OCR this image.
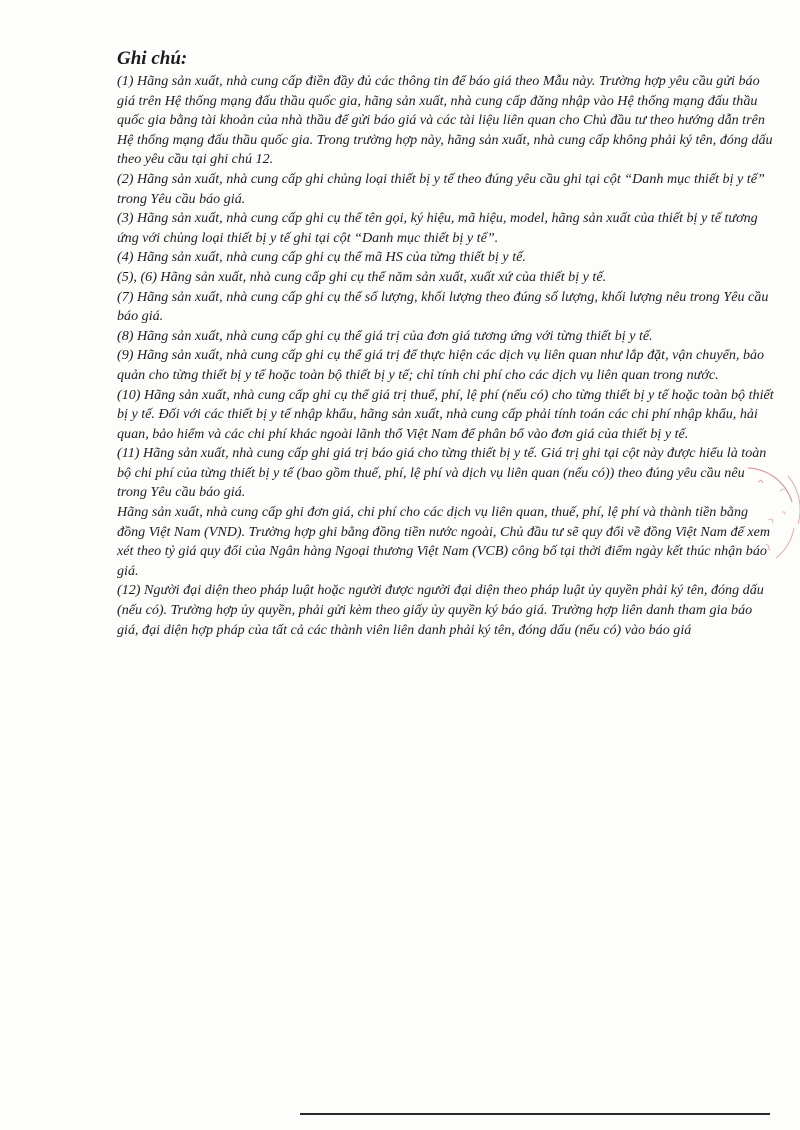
Ghi chú:

(1) Hãng sản xuất, nhà cung cấp điền đầy đủ các thông tin để báo giá theo Mẫu này. Trường hợp yêu cầu gửi báo giá trên Hệ thống mạng đấu thầu quốc gia, hãng sản xuất, nhà cung cấp đăng nhập vào Hệ thống mạng đấu thầu quốc gia bằng tài khoản của nhà thầu để gửi báo giá và các tài liệu liên quan cho Chủ đầu tư theo hướng dẫn trên Hệ thống mạng đấu thầu quốc gia. Trong trường hợp này, hãng sản xuất, nhà cung cấp không phải ký tên, đóng dấu theo yêu cầu tại ghi chú 12.

(2) Hãng sản xuất, nhà cung cấp ghi chủng loại thiết bị y tế theo đúng yêu cầu ghi tại cột “Danh mục thiết bị y tế” trong Yêu cầu báo giá.

(3) Hãng sản xuất, nhà cung cấp ghi cụ thể tên gọi, ký hiệu, mã hiệu, model, hãng sản xuất của thiết bị y tế tương ứng với chủng loại thiết bị y tế ghi tại cột “Danh mục thiết bị y tế”.

(4) Hãng sản xuất, nhà cung cấp ghi cụ thể mã HS của từng thiết bị y tế.

(5), (6) Hãng sản xuất, nhà cung cấp ghi cụ thể năm sản xuất, xuất xứ của thiết bị y tế.

(7) Hãng sản xuất, nhà cung cấp ghi cụ thể số lượng, khối lượng theo đúng số lượng, khối lượng nêu trong Yêu cầu báo giá.

(8) Hãng sản xuất, nhà cung cấp ghi cụ thể giá trị của đơn giá tương ứng với từng thiết bị y tế.

(9) Hãng sản xuất, nhà cung cấp ghi cụ thể giá trị để thực hiện các dịch vụ liên quan như lắp đặt, vận chuyển, bảo quản cho từng thiết bị y tế hoặc toàn bộ thiết bị y tế; chỉ tính chi phí cho các dịch vụ liên quan trong nước.

(10) Hãng sản xuất, nhà cung cấp ghi cụ thể giá trị thuế, phí, lệ phí (nếu có) cho từng thiết bị y tế hoặc toàn bộ thiết bị y tế. Đối với các thiết bị y tế nhập khẩu, hãng sản xuất, nhà cung cấp phải tính toán các chi phí nhập khẩu, hải quan, bảo hiểm và các chi phí khác ngoài lãnh thổ Việt Nam để phân bổ vào đơn giá của thiết bị y tế.

(11) Hãng sản xuất, nhà cung cấp ghi giá trị báo giá cho từng thiết bị y tế. Giá trị ghi tại cột này được hiểu là toàn bộ chi phí của từng thiết bị y tế (bao gồm thuế, phí, lệ phí và dịch vụ liên quan (nếu có)) theo đúng yêu cầu nêu trong Yêu cầu báo giá.

Hãng sản xuất, nhà cung cấp ghi đơn giá, chi phí cho các dịch vụ liên quan, thuế, phí, lệ phí và thành tiền bằng đồng Việt Nam (VND). Trường hợp ghi bằng đồng tiền nước ngoài, Chủ đầu tư sẽ quy đổi về đồng Việt Nam để xem xét theo tỷ giá quy đổi của Ngân hàng Ngoại thương Việt Nam (VCB) công bố tại thời điểm ngày kết thúc nhận báo giá.

(12) Người đại diện theo pháp luật hoặc người được người đại diện theo pháp luật ủy quyền phải ký tên, đóng dấu (nếu có). Trường hợp ủy quyền, phải gửi kèm theo giấy ủy quyền ký báo giá. Trường hợp liên danh tham gia báo giá, đại diện hợp pháp của tất cả các thành viên liên danh phải ký tên, đóng dấu (nếu có) vào báo giá
